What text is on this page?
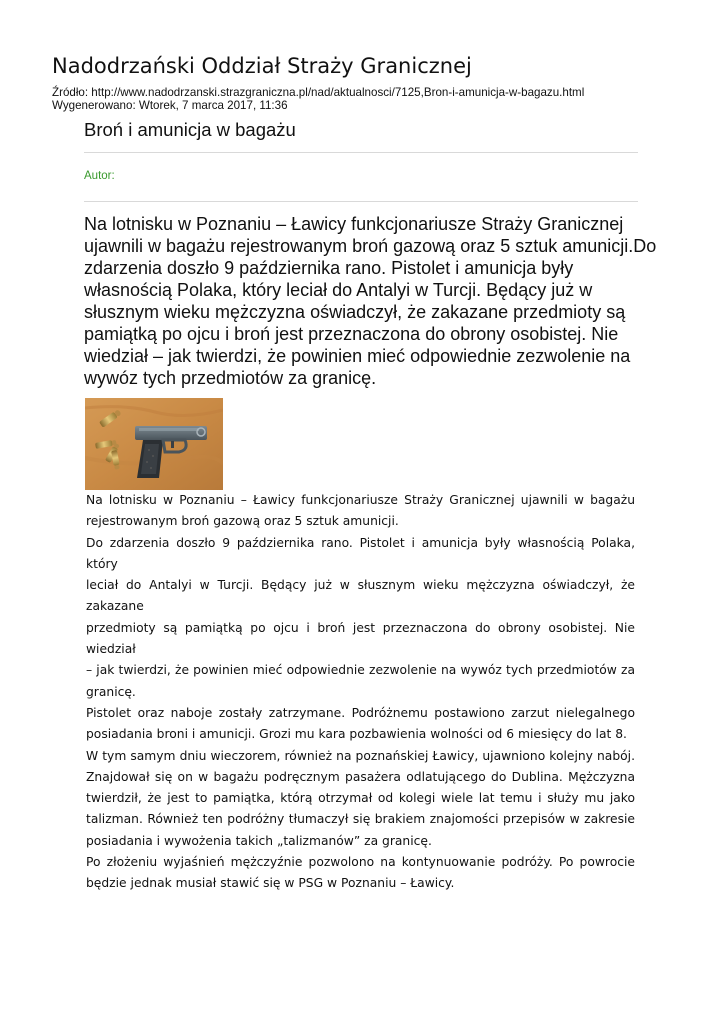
Nadodrzański Oddział Straży Granicznej
Źródło: http://www.nadodrzanski.strazgraniczna.pl/nad/aktualnosci/7125,Bron-i-amunicja-w-bagazu.html
Wygenerowano: Wtorek, 7 marca 2017, 11:36
Broń i amunicja w bagażu
Autor:
Na lotnisku w Poznaniu – Ławicy funkcjonariusze Straży Granicznej
ujawnili w bagażu rejestrowanym broń gazową oraz 5 sztuk amunicji.Do
zdarzenia doszło 9 października rano. Pistolet i amunicja były
własnością Polaka, który leciał do Antalyi w Turcji. Będący już w
słusznym wieku mężczyzna oświadczył, że zakazane przedmioty są
pamiątką po ojcu i broń jest przeznaczona do obrony osobistej. Nie
wiedział – jak twierdzi, że powinien mieć odpowiednie zezwolenie na
wywóz tych przedmiotów za granicę.
Na lotnisku w Poznaniu – Ławicy funkcjonariusze Straży Granicznej ujawnili w bagażu
rejestrowanym broń gazową oraz 5 sztuk amunicji.
Do zdarzenia doszło 9 października rano. Pistolet i amunicja były własnością Polaka, który
leciał do Antalyi w Turcji. Będący już w słusznym wieku mężczyzna oświadczył, że zakazane
przedmioty są pamiątką po ojcu i broń jest przeznaczona do obrony osobistej. Nie wiedział
– jak twierdzi, że powinien mieć odpowiednie zezwolenie na wywóz tych przedmiotów za
granicę.
Pistolet oraz naboje zostały zatrzymane. Podróżnemu postawiono zarzut nielegalnego
posiadania broni i amunicji. Grozi mu kara pozbawienia wolności od 6 miesięcy do lat 8.
W tym samym dniu wieczorem, również na poznańskiej Ławicy, ujawniono kolejny nabój.
Znajdował się on w bagażu podręcznym pasażera odlatującego do Dublina. Mężczyzna
twierdził, że jest to pamiątka, którą otrzymał od kolegi wiele lat temu i służy mu jako
talizman. Również ten podróżny tłumaczył się brakiem znajomości przepisów w zakresie
posiadania i wywożenia takich „talizmanów” za granicę.
Po złożeniu wyjaśnień mężczyźnie pozwolono na kontynuowanie podróży. Po powrocie
będzie jednak musiał stawić się w PSG w Poznaniu – Ławicy.
